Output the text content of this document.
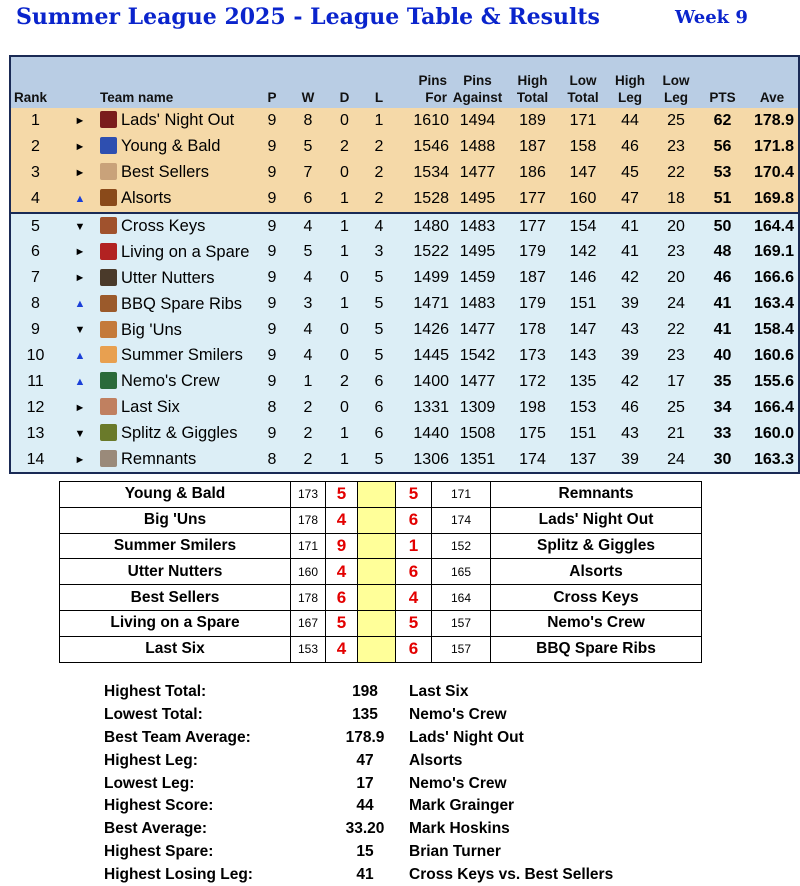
Summer League 2025 - League Table & Results	Week 9
Rank		Team name	P	W	D	L	Pins For	Pins Against	High Total	Low Total	High Leg	Low Leg	PTS	Ave
1	►	Lads' Night Out	9	8	0	1	1610	1494	189	171	44	25	62	178.9
2	►	Young & Bald	9	5	2	2	1546	1488	187	158	46	23	56	171.8
3	►	Best Sellers	9	7	0	2	1534	1477	186	147	45	22	53	170.4
4	▲	Alsorts	9	6	1	2	1528	1495	177	160	47	18	51	169.8
5	▼	Cross Keys	9	4	1	4	1480	1483	177	154	41	20	50	164.4
6	►	Living on a Spare	9	5	1	3	1522	1495	179	142	41	23	48	169.1
7	►	Utter Nutters	9	4	0	5	1499	1459	187	146	42	20	46	166.6
8	▲	BBQ Spare Ribs	9	3	1	5	1471	1483	179	151	39	24	41	163.4
9	▼	Big 'Uns	9	4	0	5	1426	1477	178	147	43	22	41	158.4
10	▲	Summer Smilers	9	4	0	5	1445	1542	173	143	39	23	40	160.6
11	▲	Nemo's Crew	9	1	2	6	1400	1477	172	135	42	17	35	155.6
12	►	Last Six	8	2	0	6	1331	1309	198	153	46	25	34	166.4
13	▼	Splitz & Giggles	9	2	1	6	1440	1508	175	151	43	21	33	160.0
14	►	Remnants	8	2	1	5	1306	1351	174	137	39	24	30	163.3
Young & Bald	173	5		5	171	Remnants
Big 'Uns	178	4		6	174	Lads' Night Out
Summer Smilers	171	9		1	152	Splitz & Giggles
Utter Nutters	160	4		6	165	Alsorts
Best Sellers	178	6		4	164	Cross Keys
Living on a Spare	167	5		5	157	Nemo's Crew
Last Six	153	4		6	157	BBQ Spare Ribs
Highest Total:	198	Last Six
Lowest Total:	135	Nemo's Crew
Best Team Average:	178.9	Lads' Night Out
Highest Leg:	47	Alsorts
Lowest Leg:	17	Nemo's Crew
Highest Score:	44	Mark Grainger
Best Average:	33.20	Mark Hoskins
Highest Spare:	15	Brian Turner
Highest Losing Leg:	41	Cross Keys vs. Best Sellers
